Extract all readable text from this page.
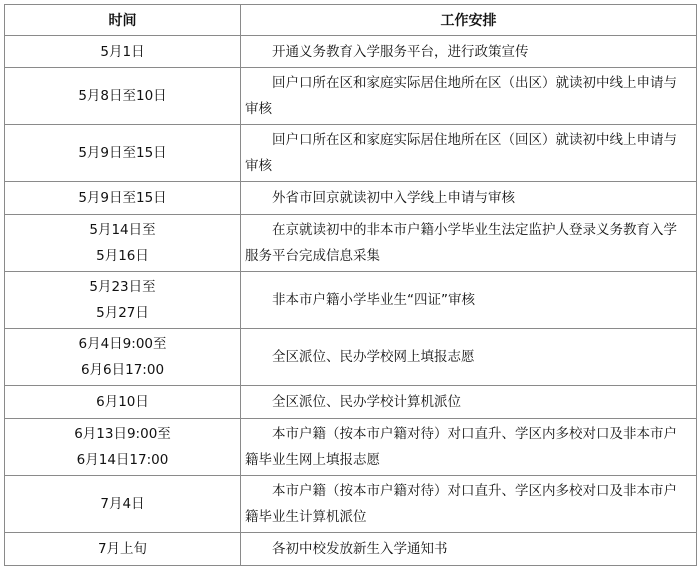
时间	工作安排

5月1日	开通义务教育入学服务平台，进行政策宣传

5月8日至10日	回户口所在区和家庭实际居住地所在区（出区）就读初中线上申请与审核

5月9日至15日	回户口所在区和家庭实际居住地所在区（回区）就读初中线上申请与审核

5月9日至15日	外省市回京就读初中入学线上申请与审核

5月14日至
5月16日	在京就读初中的非本市户籍小学毕业生法定监护人登录义务教育入学服务平台完成信息采集

5月23日至
5月27日	非本市户籍小学毕业生“四证”审核

6月4日9:00至
6月6日17:00	全区派位、民办学校网上填报志愿

6月10日	全区派位、民办学校计算机派位

6月13日9:00至
6月14日17:00	本市户籍（按本市户籍对待）对口直升、学区内多校对口及非本市户籍毕业生网上填报志愿

7月4日	本市户籍（按本市户籍对待）对口直升、学区内多校对口及非本市户籍毕业生计算机派位

7月上旬	各初中校发放新生入学通知书
